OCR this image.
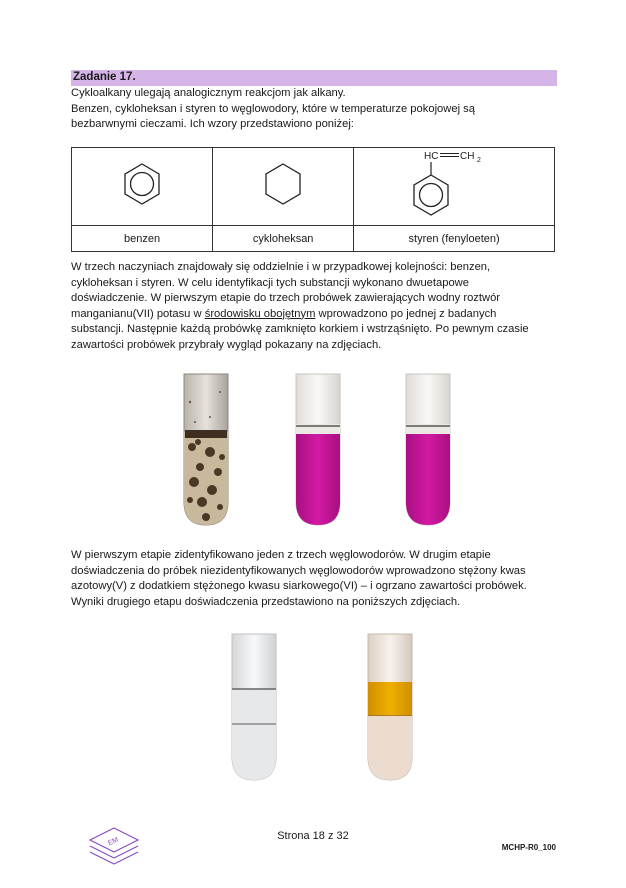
Zadanie 17.

Cykloalkany ulegają analogicznym reakcjom jak alkany.
Benzen, cykloheksan i styren to węglowodory, które w temperaturze pokojowej są
bezbarwnymi cieczami. Ich wzory przedstawiono poniżej:

HC CH 2

benzen	cykloheksan	styren (fenyloeten)

W trzech naczyniach znajdowały się oddzielnie i w przypadkowej kolejności: benzen,
cykloheksan i styren. W celu identyfikacji tych substancji wykonano dwuetapowe
doświadczenie. W pierwszym etapie do trzech probówek zawierających wodny roztwór
manganianu(VII) potasu w środowisku obojętnym wprowadzono po jednej z badanych
substancji. Następnie każdą probówkę zamknięto korkiem i wstrząśnięto. Po pewnym czasie
zawartości probówek przybrały wygląd pokazany na zdjęciach.

W pierwszym etapie zidentyfikowano jeden z trzech węglowodorów. W drugim etapie
doświadczenia do próbek niezidentyfikowanych węglowodorów wprowadzono stężony kwas
azotowy(V) z dodatkiem stężonego kwasu siarkowego(VI) – i ogrzano zawartości probówek.
Wyniki drugiego etapu doświadczenia przedstawiono na poniższych zdjęciach.

EM	Strona 18 z 32
MCHP-R0_100
